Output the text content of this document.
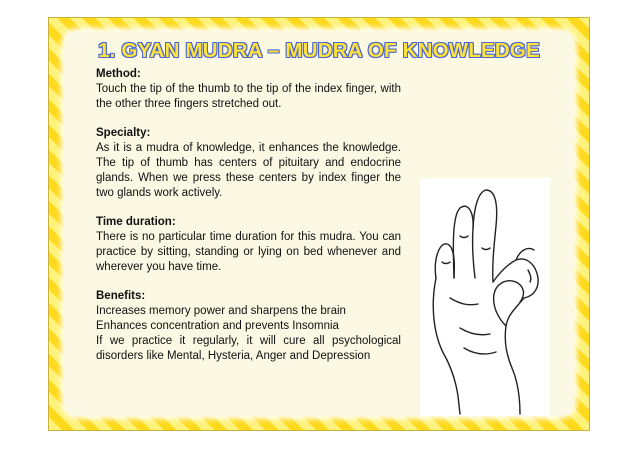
1. GYAN MUDRA – MUDRA OF KNOWLEDGE

Method:

Touch the tip of the thumb to the tip of the index finger, with the other three fingers stretched out.

Specialty:

As it is a mudra of knowledge, it enhances the knowledge. The tip of thumb has centers of pituitary and endocrine glands. When we press these centers by index finger the two glands work actively.

Time duration:

There is no particular time duration for this mudra. You can practice by sitting, standing or lying on bed whenever and wherever you have time.

Benefits:

Increases memory power and sharpens the brain
Enhances concentration and prevents Insomnia
If we practice it regularly, it will cure all psychological disorders like Mental, Hysteria, Anger and Depression
